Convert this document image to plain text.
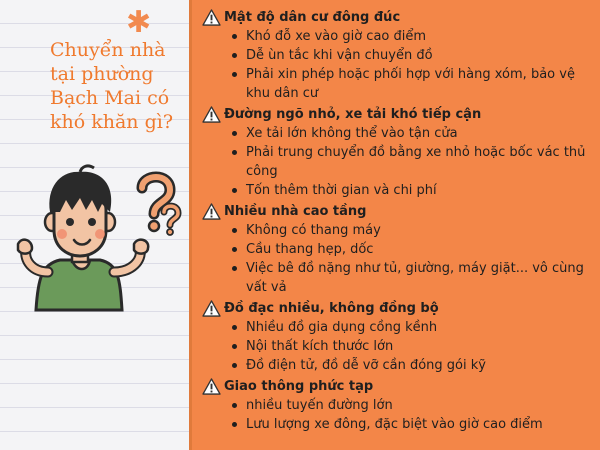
✱
Chuyển nhà tại phường Bạch Mai có khó khăn gì?
Mật độ dân cư đông đúc
Khó đỗ xe vào giờ cao điểm
Dễ ùn tắc khi vận chuyển đồ
Phải xin phép hoặc phối hợp với hàng xóm, bảo vệ khu dân cư
Đường ngõ nhỏ, xe tải khó tiếp cận
Xe tải lớn không thể vào tận cửa
Phải trung chuyển đồ bằng xe nhỏ hoặc bốc vác thủ công
Tốn thêm thời gian và chi phí
Nhiều nhà cao tầng
Không có thang máy
Cầu thang hẹp, dốc
Việc bê đồ nặng như tủ, giường, máy giặt... vô cùng vất vả
Đồ đạc nhiều, không đồng bộ
Nhiều đồ gia dụng cồng kềnh
Nội thất kích thước lớn
Đồ điện tử, đồ dễ vỡ cần đóng gói kỹ
Giao thông phức tạp
nhiều tuyến đường lớn
Lưu lượng xe đông, đặc biệt vào giờ cao điểm
